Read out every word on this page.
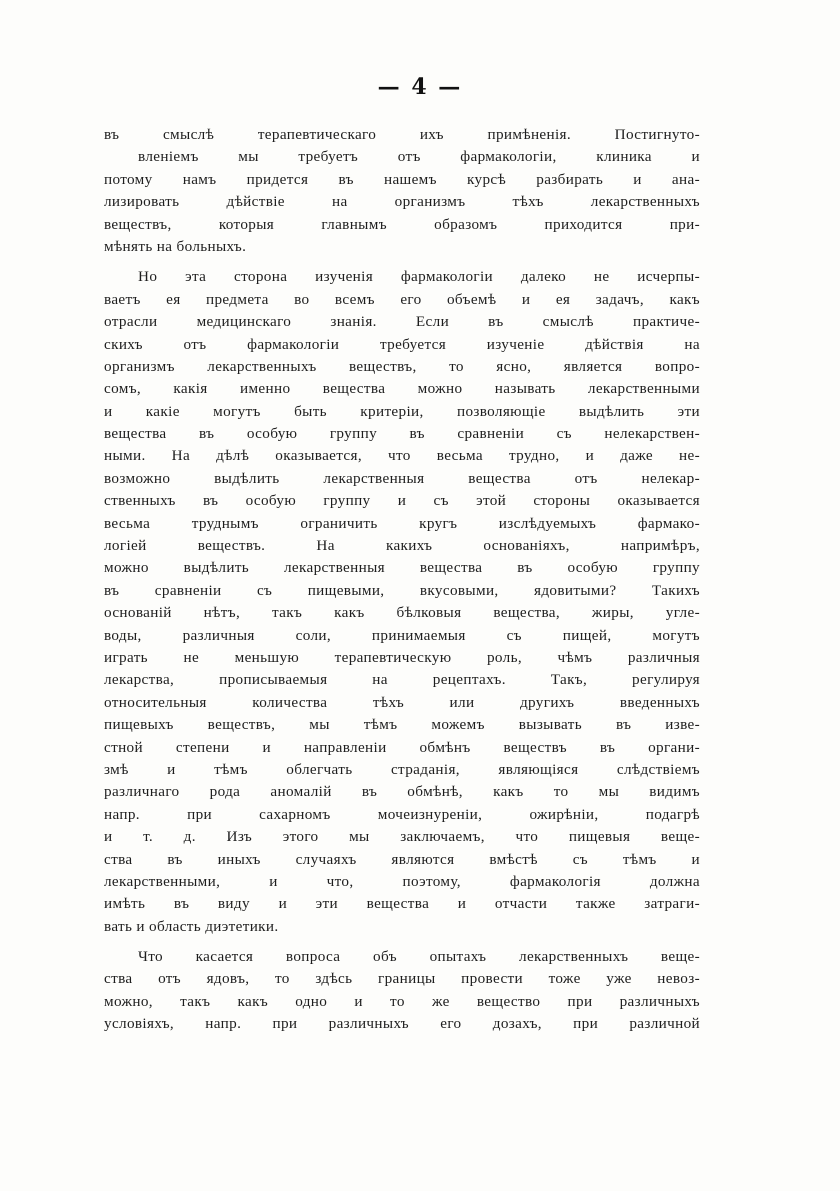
— 4 —
въ смыслѣ терапевтическаго ихъ примѣненія. Постигнуто-
вленіемъ мы требуетъ отъ фармакологіи, клиника и
потому намъ придется въ нашемъ курсѣ разбирать и ана-
лизировать дѣйствіе на организмъ тѣхъ лекарственныхъ
веществъ, которыя главнымъ образомъ приходится при-
мѣнять на больныхъ.
Но эта сторона изученія фармакологіи далеко не исчерпы-
ваетъ ея предмета во всемъ его объемѣ и ея задачъ, какъ
отрасли медицинскаго знанія. Если въ смыслѣ практиче-
скихъ отъ фармакологіи требуется изученіе дѣйствія на
организмъ лекарственныхъ веществъ, то ясно, является вопро-
сомъ, какія именно вещества можно называть лекарственными
и какіе могутъ быть критеріи, позволяющіе выдѣлить эти
вещества въ особую группу въ сравненіи съ нелекарствен-
ными. На дѣлѣ оказывается, что весьма трудно, и даже не-
возможно выдѣлить лекарственныя вещества отъ нелекар-
ственныхъ въ особую группу и съ этой стороны оказывается
весьма труднымъ ограничить кругъ изслѣдуемыхъ фармако-
логіей веществъ. На какихъ основаніяхъ, напримѣръ,
можно выдѣлить лекарственныя вещества въ особую группу
въ сравненіи съ пищевыми, вкусовыми, ядовитыми? Такихъ
основаній нѣтъ, такъ какъ бѣлковыя вещества, жиры, угле-
воды, различныя соли, принимаемыя съ пищей, могутъ
играть не меньшую терапевтическую роль, чѣмъ различныя
лекарства, прописываемыя на рецептахъ. Такъ, регулируя
относительныя количества тѣхъ или другихъ введенныхъ
пищевыхъ веществъ, мы тѣмъ можемъ вызывать въ изве-
стной степени и направленіи обмѣнъ веществъ въ органи-
змѣ и тѣмъ облегчать страданія, являющіяся слѣдствіемъ
различнаго рода аномалій въ обмѣнѣ, какъ то мы видимъ
напр. при сахарномъ мочеизнуреніи, ожирѣніи, подагрѣ
и т. д. Изъ этого мы заключаемъ, что пищевыя веще-
ства въ иныхъ случаяхъ являются вмѣстѣ съ тѣмъ и
лекарственными, и что, поэтому, фармакологія должна
имѣть въ виду и эти вещества и отчасти также затраги-
вать и область диэтетики.
Что касается вопроса объ опытахъ лекарственныхъ веще-
ства отъ ядовъ, то здѣсь границы провести тоже уже невоз-
можно, такъ какъ одно и то же вещество при различныхъ
условіяхъ, напр. при различныхъ его дозахъ, при различной
